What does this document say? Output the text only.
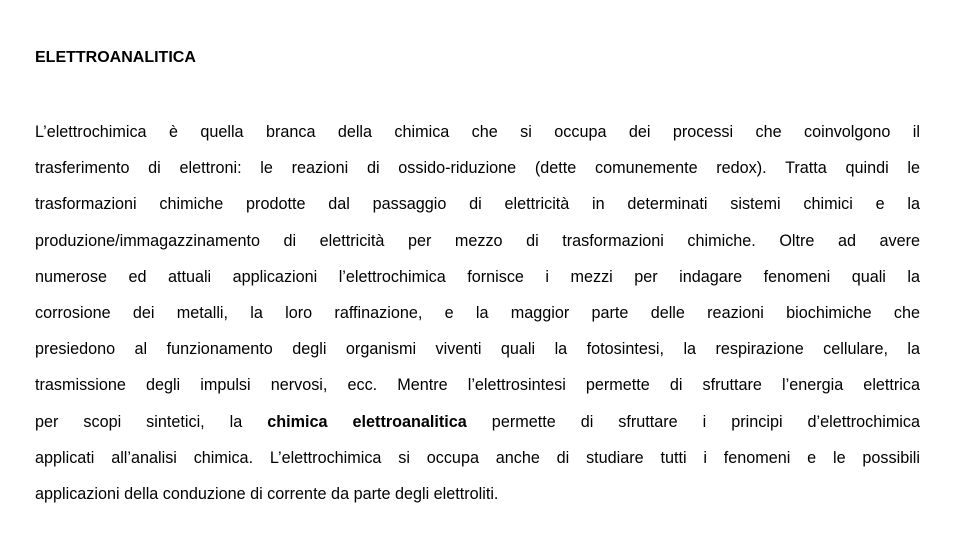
ELETTROANALITICA
L’elettrochimica è quella branca della chimica che si occupa dei processi che coinvolgono il
trasferimento di elettroni: le reazioni di ossido-riduzione (dette comunemente redox). Tratta quindi le
trasformazioni chimiche prodotte dal passaggio di elettricità in determinati sistemi chimici e la
produzione/immagazzinamento di elettricità per mezzo di trasformazioni chimiche. Oltre ad avere
numerose ed attuali applicazioni l’elettrochimica fornisce i mezzi per indagare fenomeni quali la
corrosione dei metalli, la loro raffinazione, e la maggior parte delle reazioni biochimiche che
presiedono al funzionamento degli organismi viventi quali la fotosintesi, la respirazione cellulare, la
trasmissione degli impulsi nervosi, ecc. Mentre l’elettrosintesi permette di sfruttare l’energia elettrica
per scopi sintetici, la chimica elettroanalitica permette di sfruttare i principi d’elettrochimica
applicati all’analisi chimica. L’elettrochimica si occupa anche di studiare tutti i fenomeni e le possibili
applicazioni della conduzione di corrente da parte degli elettroliti.
